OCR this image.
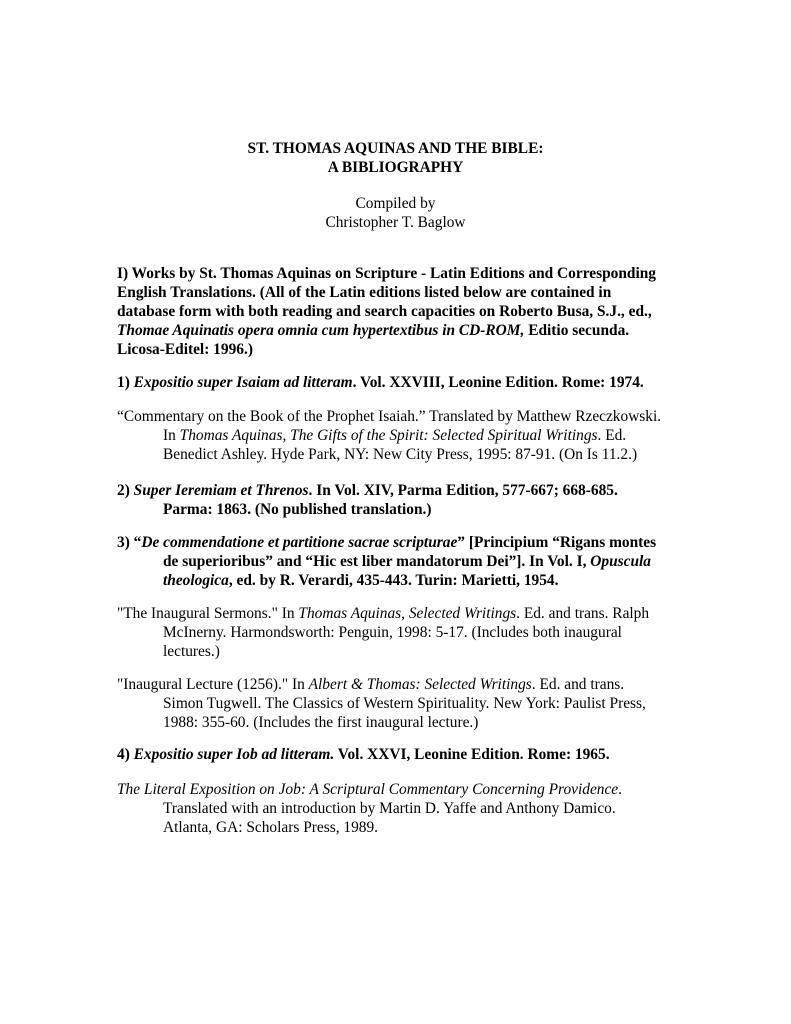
ST. THOMAS AQUINAS AND THE BIBLE:
A BIBLIOGRAPHY
Compiled by
Christopher T. Baglow
I) Works by St. Thomas Aquinas on Scripture - Latin Editions and Corresponding
English Translations. (All of the Latin editions listed below are contained in
database form with both reading and search capacities on Roberto Busa, S.J., ed.,
Thomae Aquinatis opera omnia cum hypertextibus in CD-ROM, Editio secunda.
Licosa-Editel: 1996.)
1) Expositio super Isaiam ad litteram. Vol. XXVIII, Leonine Edition. Rome: 1974.
“Commentary on the Book of the Prophet Isaiah.” Translated by Matthew Rzeczkowski.
In Thomas Aquinas, The Gifts of the Spirit: Selected Spiritual Writings. Ed.
Benedict Ashley. Hyde Park, NY: New City Press, 1995: 87-91. (On Is 11.2.)
2) Super Ieremiam et Threnos. In Vol. XIV, Parma Edition, 577-667; 668-685.
Parma: 1863. (No published translation.)
3) “De commendatione et partitione sacrae scripturae” [Principium “Rigans montes
de superioribus” and “Hic est liber mandatorum Dei”]. In Vol. I, Opuscula
theologica, ed. by R. Verardi, 435-443. Turin: Marietti, 1954.
"The Inaugural Sermons." In Thomas Aquinas, Selected Writings. Ed. and trans. Ralph
McInerny. Harmondsworth: Penguin, 1998: 5-17. (Includes both inaugural
lectures.)
"Inaugural Lecture (1256)." In Albert & Thomas: Selected Writings. Ed. and trans.
Simon Tugwell. The Classics of Western Spirituality. New York: Paulist Press,
1988: 355-60. (Includes the first inaugural lecture.)
4) Expositio super Iob ad litteram. Vol. XXVI, Leonine Edition. Rome: 1965.
The Literal Exposition on Job: A Scriptural Commentary Concerning Providence.
Translated with an introduction by Martin D. Yaffe and Anthony Damico.
Atlanta, GA: Scholars Press, 1989.
